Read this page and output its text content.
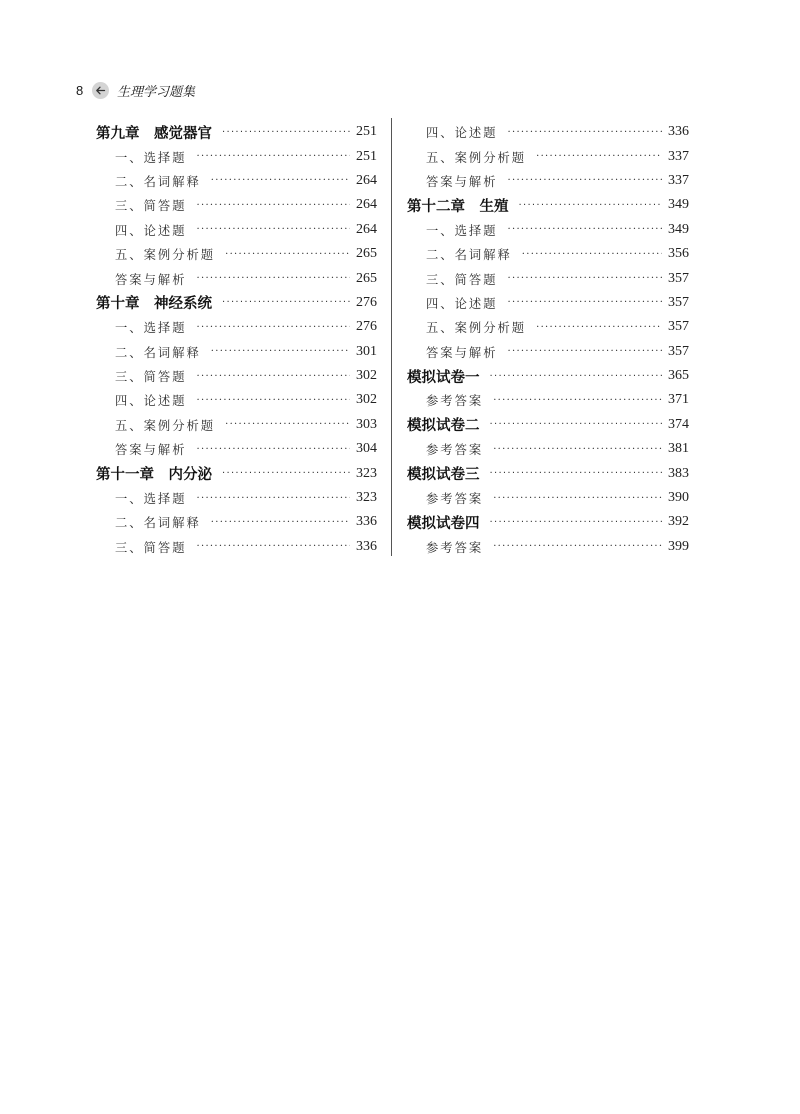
8	生理学习题集
第九章　感觉器官 ·····	251
一、选择题 ·····	251
二、名词解释 ·····	264
三、简答题 ·····	264
四、论述题 ·····	264
五、案例分析题 ·····	265
答案与解析 ·····	265
第十章　神经系统 ·····	276
一、选择题 ·····	276
二、名词解释 ·····	301
三、简答题 ·····	302
四、论述题 ·····	302
五、案例分析题 ·····	303
答案与解析 ·····	304
第十一章　内分泌 ·····	323
一、选择题 ·····	323
二、名词解释 ·····	336
三、简答题 ·····	336
四、论述题 ·····	336
五、案例分析题 ·····	337
答案与解析 ·····	337
第十二章　生殖 ·····	349
一、选择题 ·····	349
二、名词解释 ·····	356
三、简答题 ·····	357
四、论述题 ·····	357
五、案例分析题 ·····	357
答案与解析 ·····	357
模拟试卷一 ·····	365
参考答案 ·····	371
模拟试卷二 ·····	374
参考答案 ·····	381
模拟试卷三 ·····	383
参考答案 ·····	390
模拟试卷四 ·····	392
参考答案 ·····	399
